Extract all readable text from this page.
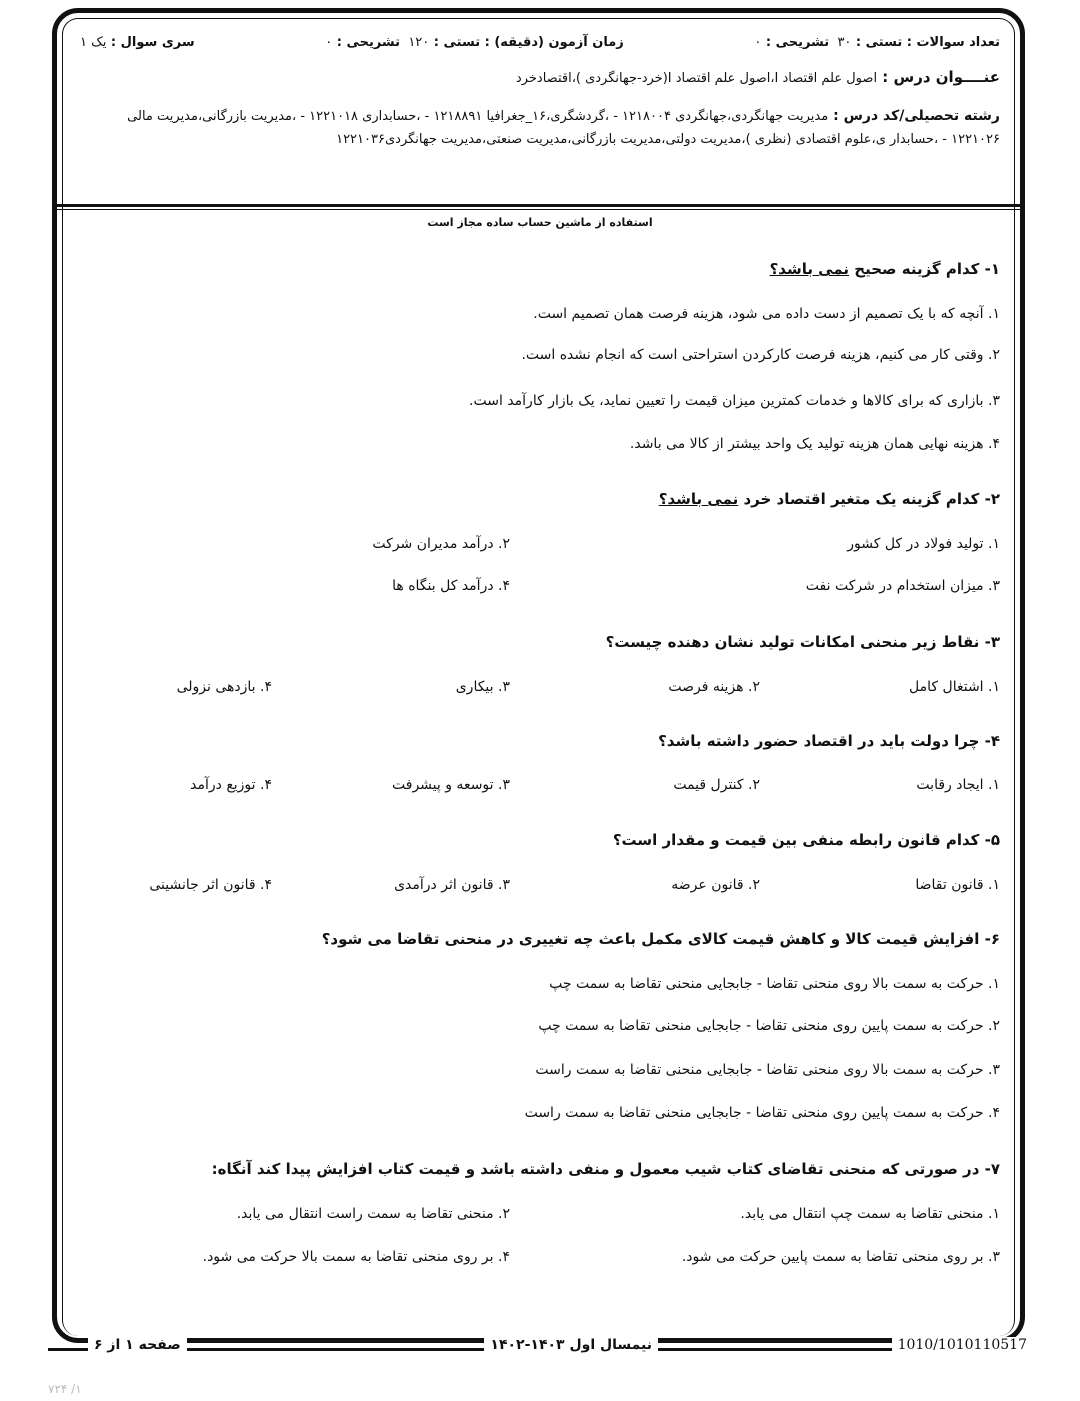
تعداد سوالات : تستی : ۳۰  تشریحی : ۰
زمان آزمون (دقیقه) : تستی : ۱۲۰  تشریحی : ۰
سری سوال : یک ۱
عنــــوان درس : اصول علم اقتصاد I،اصول علم اقتصاد I(خرد-جهانگردی )،اقتصادخرد
رشته تحصیلی/کد درس : مدیریت جهانگردی،جهانگردی ۱۲۱۸۰۰۴ - ،گردشگری،۱۶_جغرافیا ۱۲۱۸۸۹۱ - ،حسابداری ۱۲۲۱۰۱۸ - ،مدیریت بازرگانی،مدیریت مالی ۱۲۲۱۰۲۶ - ،حسابدار ی،علوم اقتصادی (نظری )،مدیریت دولتی،مدیریت بازرگانی،مدیریت صنعتی،مدیریت جهانگردی۱۲۲۱۰۳۶
استفاده از ماشین حساب ساده مجاز است
۱- کدام گزینه صحیح نمی باشد؟
۱. آنچه که با یک تصمیم از دست داده می شود، هزینه فرصت همان تصمیم است.
۲. وقتی کار می کنیم، هزینه فرصت کارکردن استراحتی است که انجام نشده است.
۳. بازاری که برای کالاها و خدمات کمترین میزان قیمت را تعیین نماید، یک بازار کارآمد است.
۴. هزینه نهایی همان هزینه تولید یک واحد بیشتر از کالا می باشد.
۲- کدام گزینه یک متغیر اقتصاد خرد نمی باشد؟
۱. تولید فولاد در کل کشور
۲. درآمد مدیران شرکت
۳. میزان استخدام در شرکت نفت
۴. درآمد کل بنگاه ها
۳- نقاط زیر منحنی امکانات تولید نشان دهنده چیست؟
۱. اشتغال کامل
۲. هزینه فرصت
۳. بیکاری
۴. بازدهی نزولی
۴- چرا دولت باید در اقتصاد حضور داشته باشد؟
۱. ایجاد رقابت
۲. کنترل قیمت
۳. توسعه و پیشرفت
۴. توزیع درآمد
۵- کدام قانون رابطه منفی بین قیمت و مقدار است؟
۱. قانون تقاضا
۲. قانون عرضه
۳. قانون اثر درآمدی
۴. قانون اثر جانشینی
۶- افزایش قیمت کالا و کاهش قیمت کالای مکمل باعث چه تغییری در منحنی تقاضا می شود؟
۱. حرکت به سمت بالا روی منحنی تقاضا - جابجایی منحنی تقاضا به سمت چپ
۲. حرکت به سمت پایین روی منحنی تقاضا - جابجایی منحنی تقاضا به سمت چپ
۳. حرکت به سمت بالا روی منحنی تقاضا - جابجایی منحنی تقاضا به سمت راست
۴. حرکت به سمت پایین روی منحنی تقاضا - جابجایی منحنی تقاضا به سمت راست
۷- در صورتی که منحنی تقاضای کتاب شیب معمول و منفی داشته باشد و قیمت کتاب افزایش پیدا کند آنگاه:
۱. منحنی تقاضا به سمت چپ انتقال می یابد.
۲. منحنی تقاضا به سمت راست انتقال می یابد.
۳. بر روی منحنی تقاضا به سمت پایین حرکت می شود.
۴. بر روی منحنی تقاضا به سمت بالا حرکت می شود.
1010/1010110517
نیمسال اول ۱۴۰۳-۱۴۰۲
صفحه ۱ از ۶
۷۲۴ /۱
